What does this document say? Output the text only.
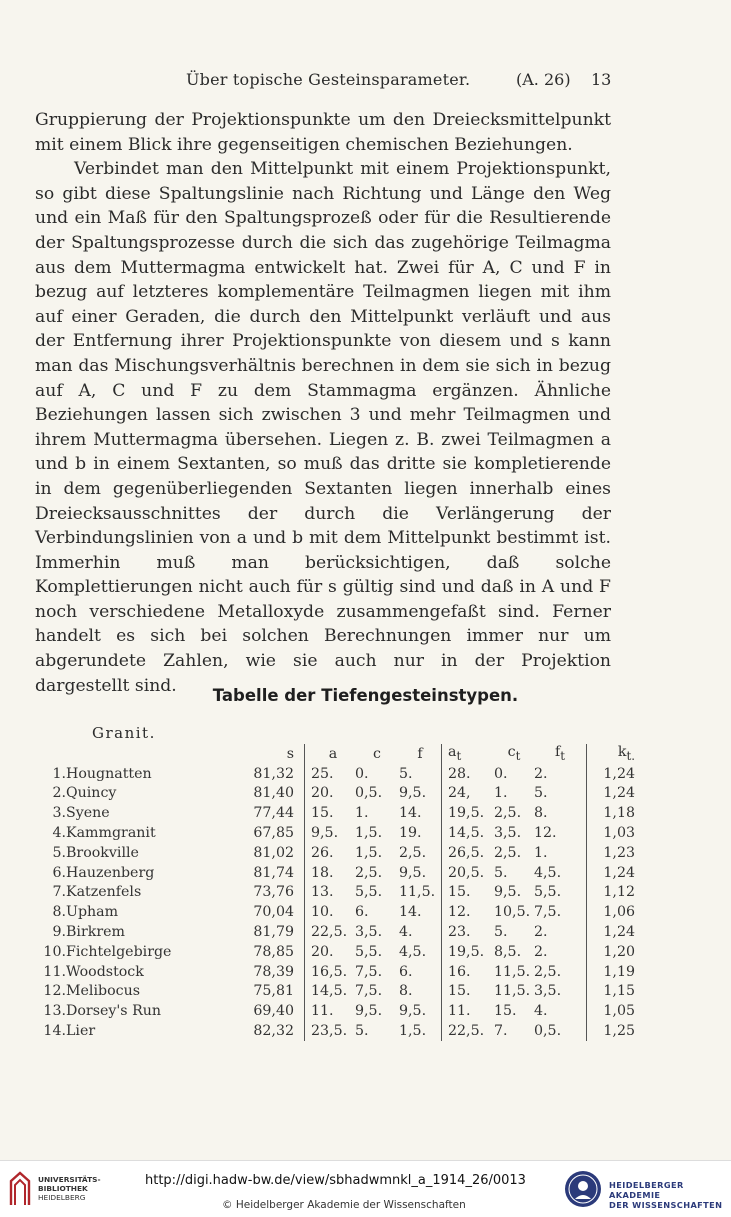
Über topische Gesteinsparameter.	(A. 26) 13

Gruppierung der Projektionspunkte um den Dreiecksmittelpunkt mit einem Blick ihre gegenseitigen chemischen Beziehungen.

Verbindet man den Mittelpunkt mit einem Projektionspunkt, so gibt diese Spaltungslinie nach Richtung und Länge den Weg und ein Maß für den Spaltungsprozeß oder für die Resultierende der Spaltungsprozesse durch die sich das zugehörige Teilmagma aus dem Muttermagma entwickelt hat. Zwei für A, C und F in bezug auf letzteres komplementäre Teilmagmen liegen mit ihm auf einer Geraden, die durch den Mittelpunkt verläuft und aus der Entfernung ihrer Projektionspunkte von diesem und s kann man das Mischungsverhältnis berechnen in dem sie sich in bezug auf A, C und F zu dem Stammagma ergänzen. Ähnliche Beziehungen lassen sich zwischen 3 und mehr Teilmagmen und ihrem Muttermagma übersehen. Liegen z. B. zwei Teilmagmen a und b in einem Sextanten, so muß das dritte sie kompletierende in dem gegenüberliegenden Sextanten liegen innerhalb eines Dreiecksausschnittes der durch die Verlängerung der Verbindungslinien von a und b mit dem Mittelpunkt bestimmt ist. Immerhin muß man berücksichtigen, daß solche Komplettierungen nicht auch für s gültig sind und daß in A und F noch verschiedene Metalloxyde zusammengefaßt sind. Ferner handelt es sich bei solchen Berechnungen immer nur um abgerundete Zahlen, wie sie auch nur in der Projektion dargestellt sind.	Tabelle der Tiefengesteinstypen.
Granit.
		s	a	c	f	$a_t$	$c_t$	$f_t$	$k_{t.}$
1.	Hougnatten	81,32	25.	0.	5.	28.	0.	2.	1,24
2.	Quincy	81,40	20.	0,5.	9,5.	24,	1.	5.	1,24
3.	Syene	77,44	15.	1.	14.	19,5.	2,5.	8.	1,18
4.	Kammgranit	67,85	9,5.	1,5.	19.	14,5.	3,5.	12.	1,03
5.	Brookville	81,02	26.	1,5.	2,5.	26,5.	2,5.	1.	1,23
6.	Hauzenberg	81,74	18.	2,5.	9,5.	20,5.	5.	4,5.	1,24
7.	Katzenfels	73,76	13.	5,5.	11,5.	15.	9,5.	5,5.	1,12
8.	Upham	70,04	10.	6.	14.	12.	10,5.	7,5.	1,06
9.	Birkrem	81,79	22,5.	3,5.	4.	23.	5.	2.	1,24
10.	Fichtelgebirge	78,85	20.	5,5.	4,5.	19,5.	8,5.	2.	1,20
11.	Woodstock	78,39	16,5.	7,5.	6.	16.	11,5.	2,5.	1,19
12.	Melibocus	75,81	14,5.	7,5.	8.	15.	11,5.	3,5.	1,15
13.	Dorsey's Run	69,40	11.	9,5.	9,5.	11.	15.	4.	1,05
14.	Lier	82,32	23,5.	5.	1,5.	22,5.	7.	0,5.	1,25
UNIVERSITÄTS-
BIBLIOTHEK
HEIDELBERG
http://digi.hadw-bw.de/view/sbhadwmnkl_a_1914_26/0013
© Heidelberger Akademie der Wissenschaften
HEIDELBERGER AKADEMIE
DER WISSENSCHAFTEN
